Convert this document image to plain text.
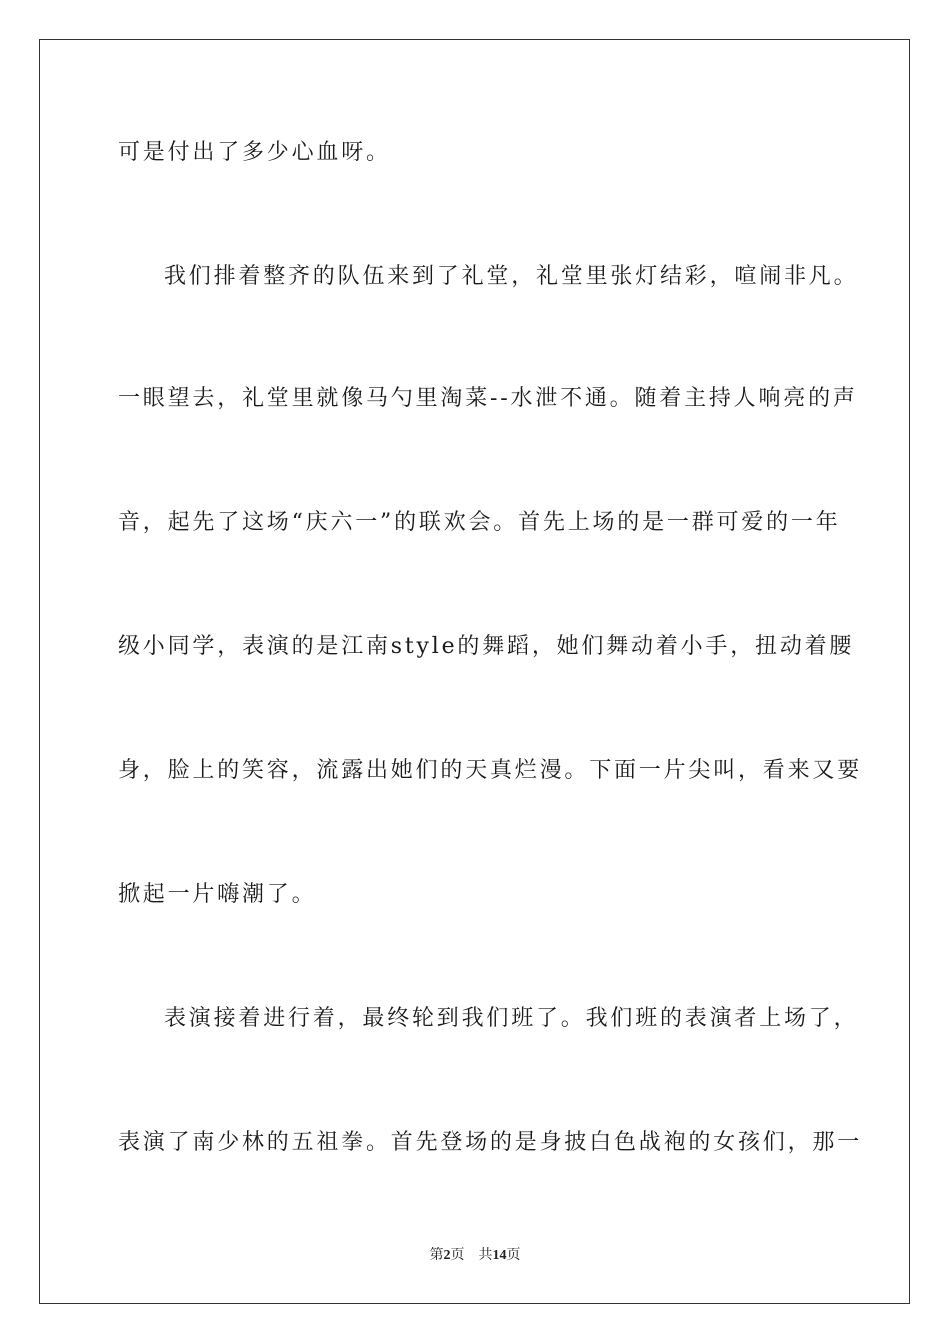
可是付出了多少心血呀。
我们排着整齐的队伍来到了礼堂，礼堂里张灯结彩，喧闹非凡。
一眼望去，礼堂里就像马勺里淘菜--水泄不通。随着主持人响亮的声
音，起先了这场“庆六一”的联欢会。首先上场的是一群可爱的一年
级小同学，表演的是江南style的舞蹈，她们舞动着小手，扭动着腰
身，脸上的笑容，流露出她们的天真烂漫。下面一片尖叫，看来又要
掀起一片嗨潮了。
表演接着进行着，最终轮到我们班了。我们班的表演者上场了，
表演了南少林的五祖拳。首先登场的是身披白色战袍的女孩们，那一
第2页 共14页
